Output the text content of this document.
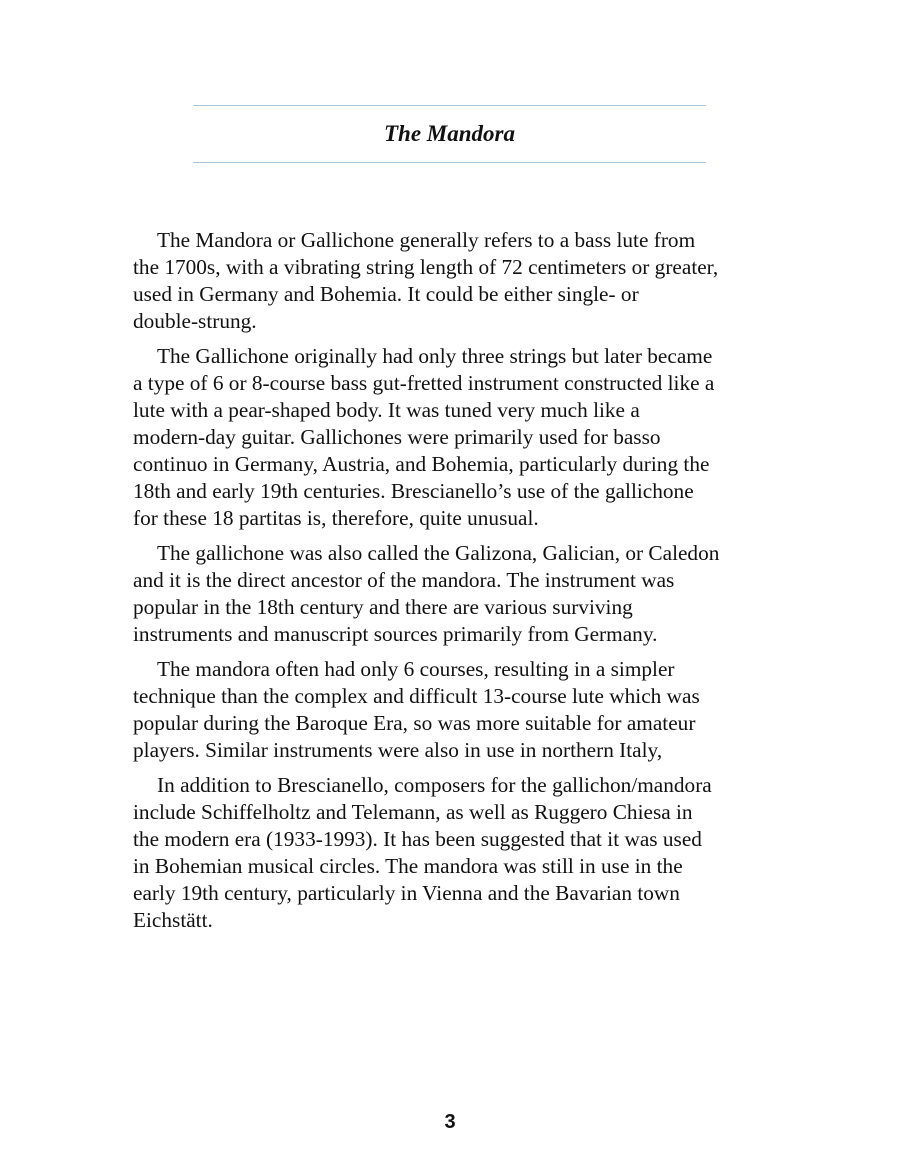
The Mandora

The Mandora or Gallichone generally refers to a bass lute from
the 1700s, with a vibrating string length of 72 centimeters or greater,
used in Germany and Bohemia. It could be either single- or
double-strung.

The Gallichone originally had only three strings but later became
a type of 6 or 8-course bass gut-fretted instrument constructed like a
lute with a pear-shaped body. It was tuned very much like a
modern-day guitar. Gallichones were primarily used for basso
continuo in Germany, Austria, and Bohemia, particularly during the
18th and early 19th centuries. Brescianello’s use of the gallichone
for these 18 partitas is, therefore, quite unusual.

The gallichone was also called the Galizona, Galician, or Caledon
and it is the direct ancestor of the mandora. The instrument was
popular in the 18th century and there are various surviving
instruments and manuscript sources primarily from Germany.

The mandora often had only 6 courses, resulting in a simpler
technique than the complex and difficult 13-course lute which was
popular during the Baroque Era, so was more suitable for amateur
players. Similar instruments were also in use in northern Italy,

In addition to Brescianello, composers for the gallichon/mandora
include Schiffelholtz and Telemann, as well as Ruggero Chiesa in
the modern era (1933-1993). It has been suggested that it was used
in Bohemian musical circles. The mandora was still in use in the
early 19th century, particularly in Vienna and the Bavarian town
Eichstätt.

3
